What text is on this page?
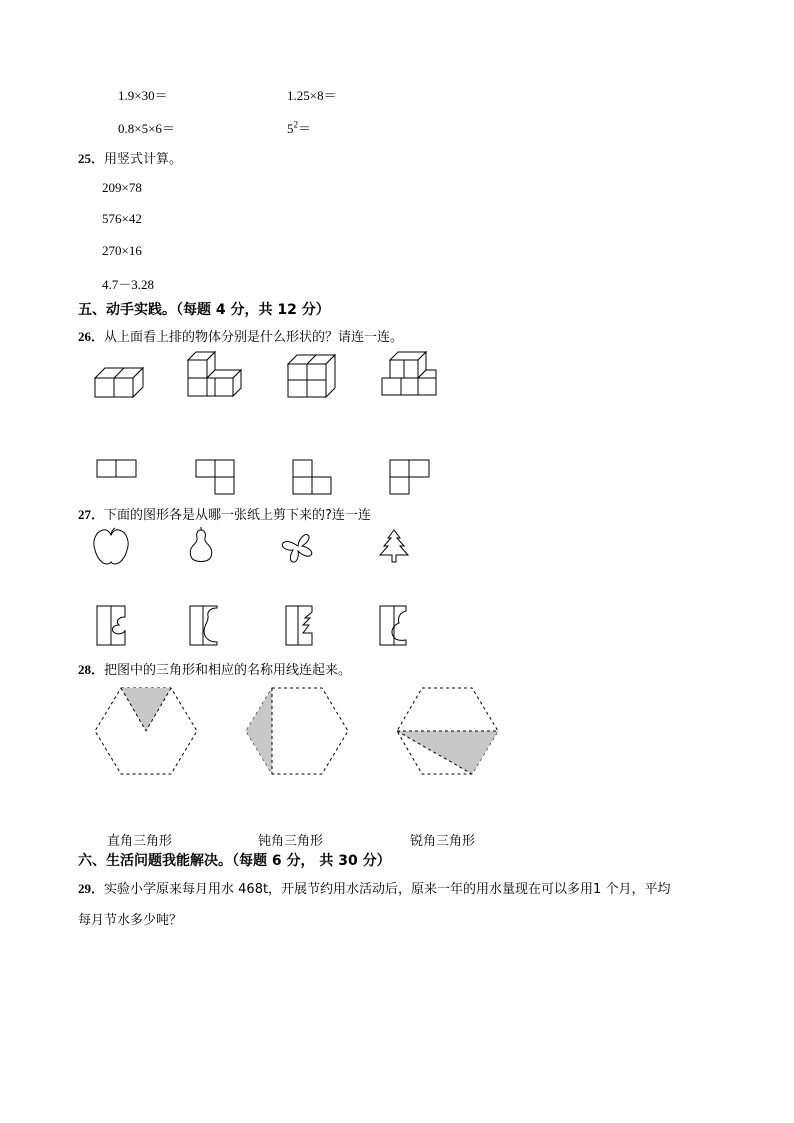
1.9×30＝	1.25×8＝
0.8×5×6＝	$5^2=$
25．用竖式计算。
209×78
576×42
270×16
4.7－3.28
五、动手实践。（每题 4 分，共 12 分）
26．从上面看上排的物体分别是什么形状的？请连一连。
27．下面的图形各是从哪一张纸上剪下来的?连一连
28．把图中的三角形和相应的名称用线连起来。
直角三角形	钝角三角形	锐角三角形
六、生活问题我能解决。（每题 6 分， 共 30 分）
29．实验小学原来每月用水 468t，开展节约用水活动后，原来一年的用水量现在可以多用1 个月，平均
每月节水多少吨？
